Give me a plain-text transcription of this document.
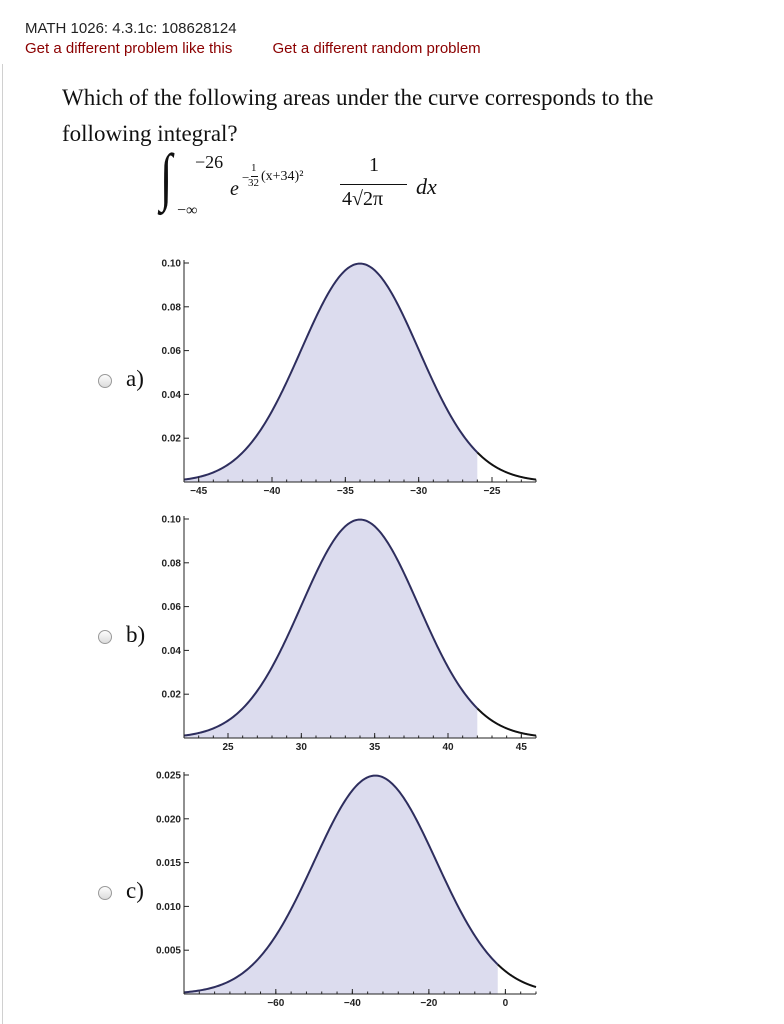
MATH 1026: 4.3.1c: 108628124
Get a different problem like this	Get a different random problem
Which of the following areas under the curve corresponds to the following integral?
∫ −26
−∞
e
−
1
32 (x+34)²
1
4√2π dx
a)
0.02
0.04
0.06
0.08
0.10
−45	−40	−35	−30	−25
b)
0.02
0.04
0.06
0.08
0.10
25	30	35	40	45
c)
0.005
0.010
0.015
0.020
0.025
−60	−40	−20	0
